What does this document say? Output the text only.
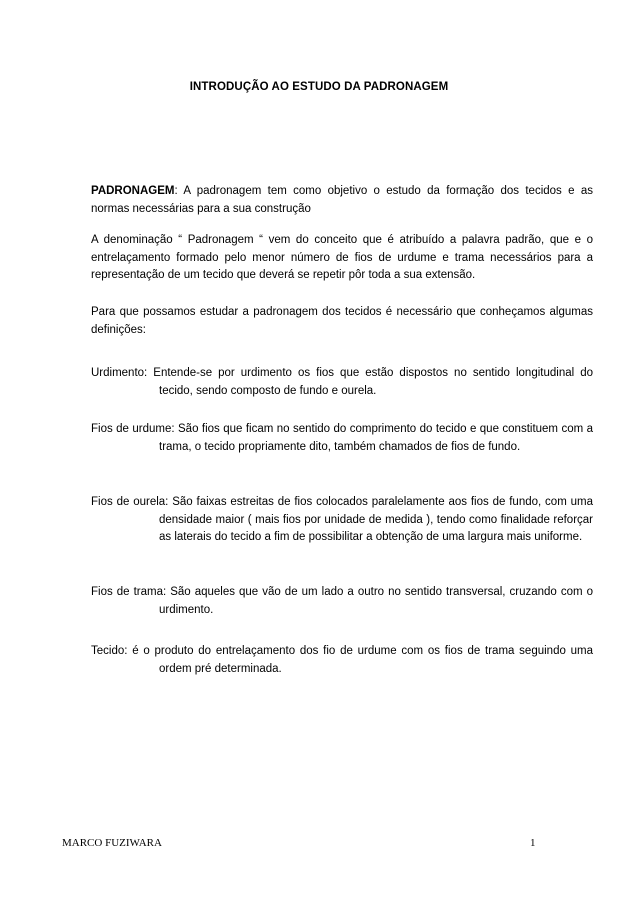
INTRODUÇÃO AO ESTUDO DA PADRONAGEM

PADRONAGEM: A padronagem tem como objetivo o estudo da formação dos tecidos e as normas necessárias para a sua construção

A denominação “ Padronagem “ vem do conceito que é atribuído a palavra padrão, que e o entrelaçamento formado pelo menor número de fios de urdume e trama necessários para a representação de um tecido que deverá se repetir pôr toda a sua extensão.

Para que possamos estudar a padronagem dos tecidos é necessário que conheçamos algumas definições:

Urdimento: Entende-se por urdimento os fios que estão dispostos no sentido longitudinal do tecido, sendo composto de fundo e ourela.

Fios de urdume: São fios que ficam no sentido do comprimento do tecido e que constituem com a trama, o tecido propriamente dito, também chamados de fios de fundo.

Fios de ourela: São faixas estreitas de fios colocados paralelamente aos fios de fundo, com uma densidade maior ( mais fios por unidade de medida ), tendo como finalidade reforçar as laterais do tecido a fim de possibilitar a obtenção de uma largura mais uniforme.

Fios de trama: São aqueles que vão de um lado a outro no sentido transversal, cruzando com o urdimento.

Tecido: é o produto do entrelaçamento dos fio de urdume com os fios de trama seguindo uma ordem pré determinada.

MARCO FUZIWARA	1
